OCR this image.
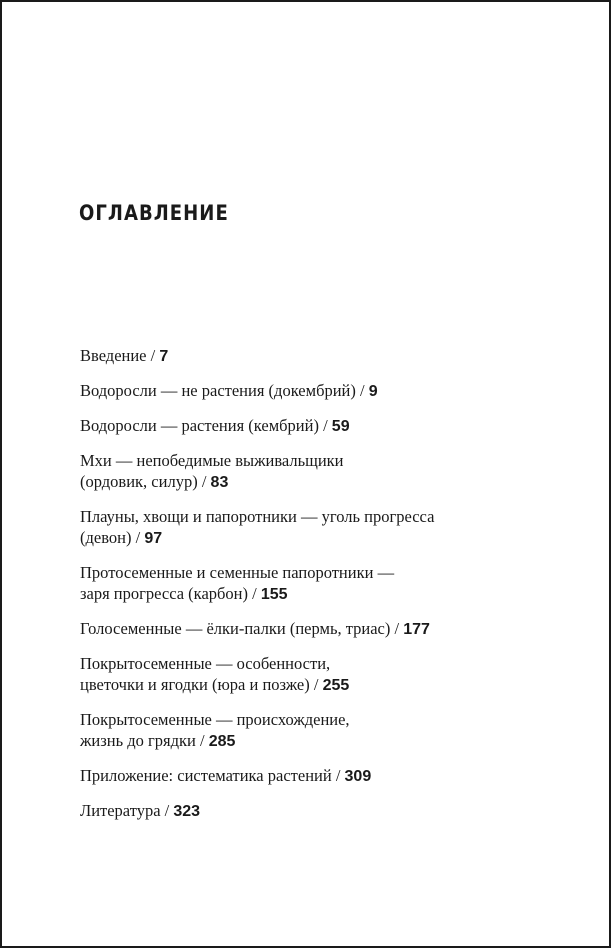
ОГЛАВЛЕНИЕ
Введение / 7
Водоросли — не растения (докембрий) / 9
Водоросли — растения (кембрий) / 59
Мхи — непобедимые выживальщики
(ордовик, силур) / 83
Плауны, хвощи и папоротники — уголь прогресса
(девон) / 97
Протосеменные и семенные папоротники —
заря прогресса (карбон) / 155
Голосеменные — ёлки-палки (пермь, триас) / 177
Покрытосеменные — особенности,
цветочки и ягодки (юра и позже) / 255
Покрытосеменные — происхождение,
жизнь до грядки / 285
Приложение: систематика растений / 309
Литература / 323
